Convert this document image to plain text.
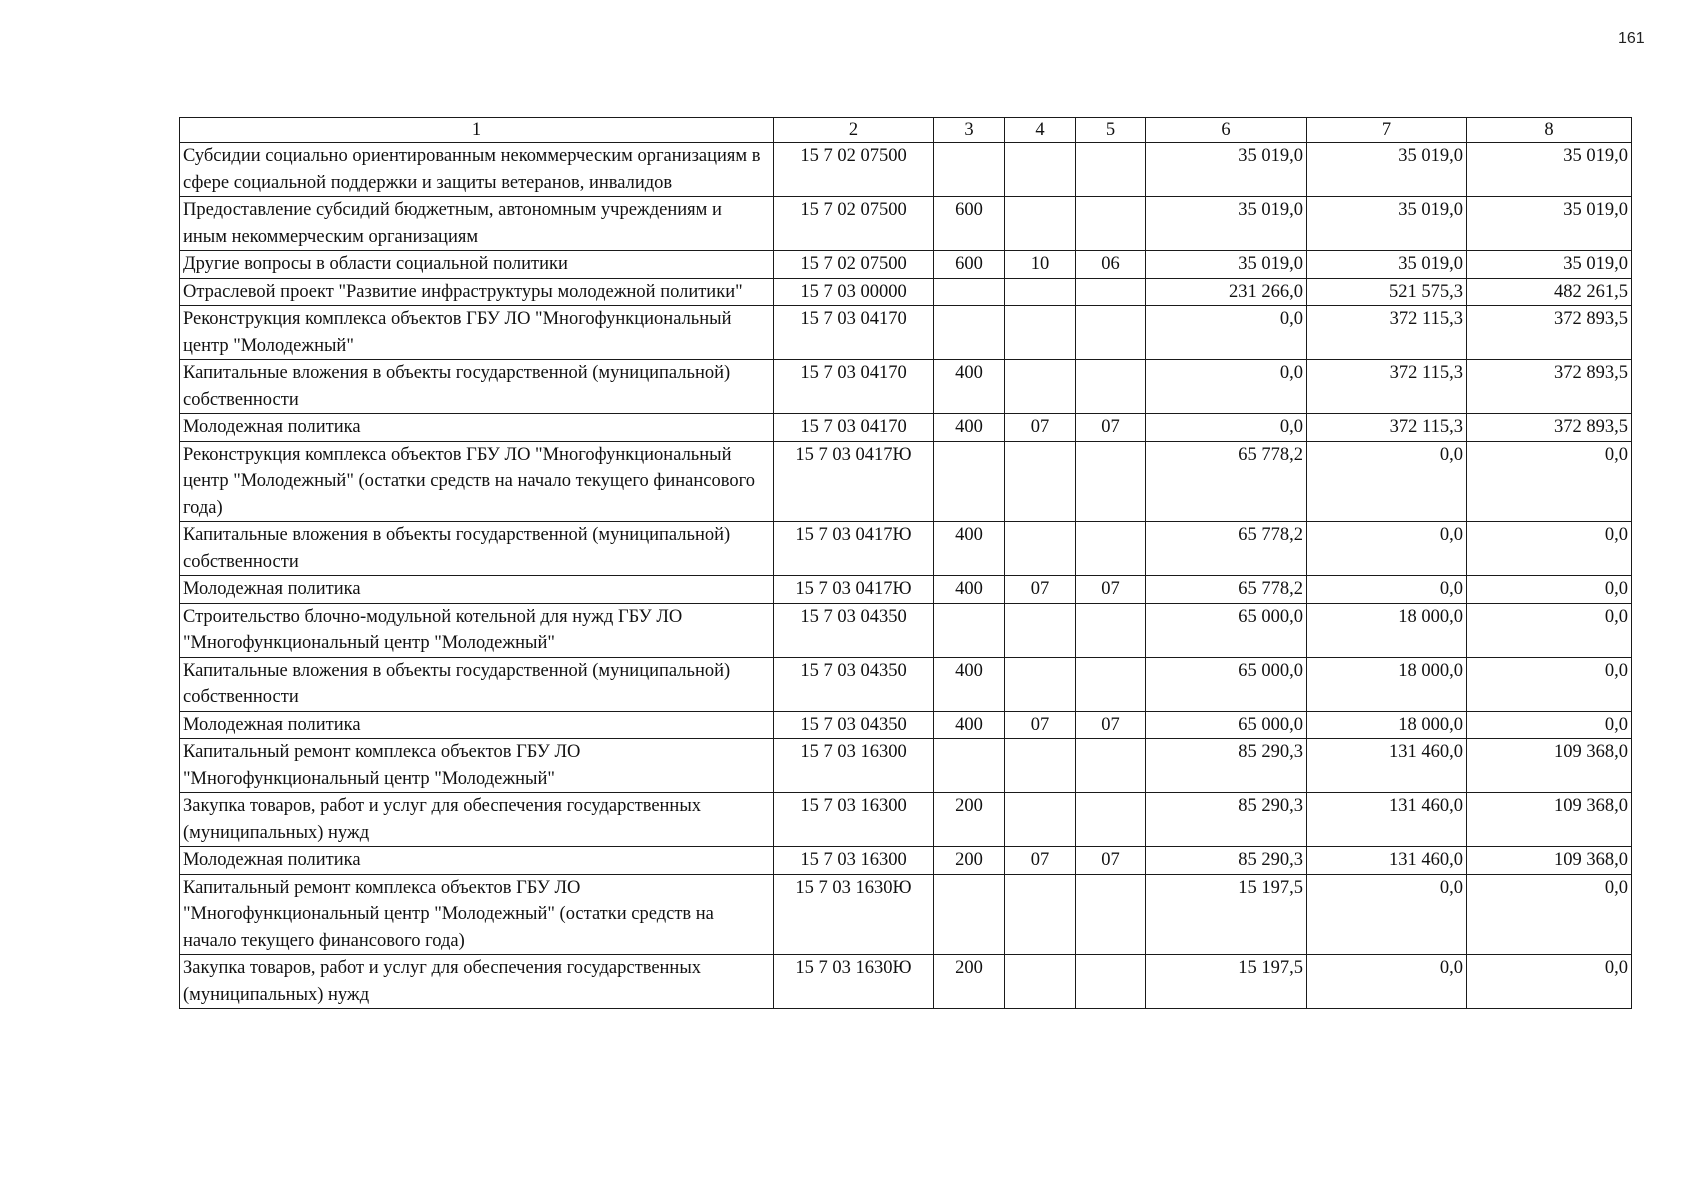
161
1	2	3	4	5	6	7	8
Субсидии социально ориентированным некоммерческим организациям в сфере социальной поддержки и защиты ветеранов, инвалидов	15 7 02 07500				35 019,0	35 019,0	35 019,0
Предоставление субсидий бюджетным, автономным учреждениям и иным некоммерческим организациям	15 7 02 07500	600			35 019,0	35 019,0	35 019,0
Другие вопросы в области социальной политики	15 7 02 07500	600	10	06	35 019,0	35 019,0	35 019,0
Отраслевой проект "Развитие инфраструктуры молодежной политики"	15 7 03 00000				231 266,0	521 575,3	482 261,5
Реконструкция комплекса объектов ГБУ ЛО "Многофункциональный центр "Молодежный"	15 7 03 04170				0,0	372 115,3	372 893,5
Капитальные вложения в объекты государственной (муниципальной) собственности	15 7 03 04170	400			0,0	372 115,3	372 893,5
Молодежная политика	15 7 03 04170	400	07	07	0,0	372 115,3	372 893,5
Реконструкция комплекса объектов ГБУ ЛО "Многофункциональный центр "Молодежный" (остатки средств на начало текущего финансового года)	15 7 03 0417Ю				65 778,2	0,0	0,0
Капитальные вложения в объекты государственной (муниципальной) собственности	15 7 03 0417Ю	400			65 778,2	0,0	0,0
Молодежная политика	15 7 03 0417Ю	400	07	07	65 778,2	0,0	0,0
Строительство блочно-модульной котельной для нужд ГБУ ЛО "Многофункциональный центр "Молодежный"	15 7 03 04350				65 000,0	18 000,0	0,0
Капитальные вложения в объекты государственной (муниципальной) собственности	15 7 03 04350	400			65 000,0	18 000,0	0,0
Молодежная политика	15 7 03 04350	400	07	07	65 000,0	18 000,0	0,0
Капитальный ремонт комплекса объектов ГБУ ЛО "Многофункциональный центр "Молодежный"	15 7 03 16300				85 290,3	131 460,0	109 368,0
Закупка товаров, работ и услуг для обеспечения государственных (муниципальных) нужд	15 7 03 16300	200			85 290,3	131 460,0	109 368,0
Молодежная политика	15 7 03 16300	200	07	07	85 290,3	131 460,0	109 368,0
Капитальный ремонт комплекса объектов ГБУ ЛО "Многофункциональный центр "Молодежный" (остатки средств на начало текущего финансового года)	15 7 03 1630Ю				15 197,5	0,0	0,0
Закупка товаров, работ и услуг для обеспечения государственных (муниципальных) нужд	15 7 03 1630Ю	200			15 197,5	0,0	0,0
